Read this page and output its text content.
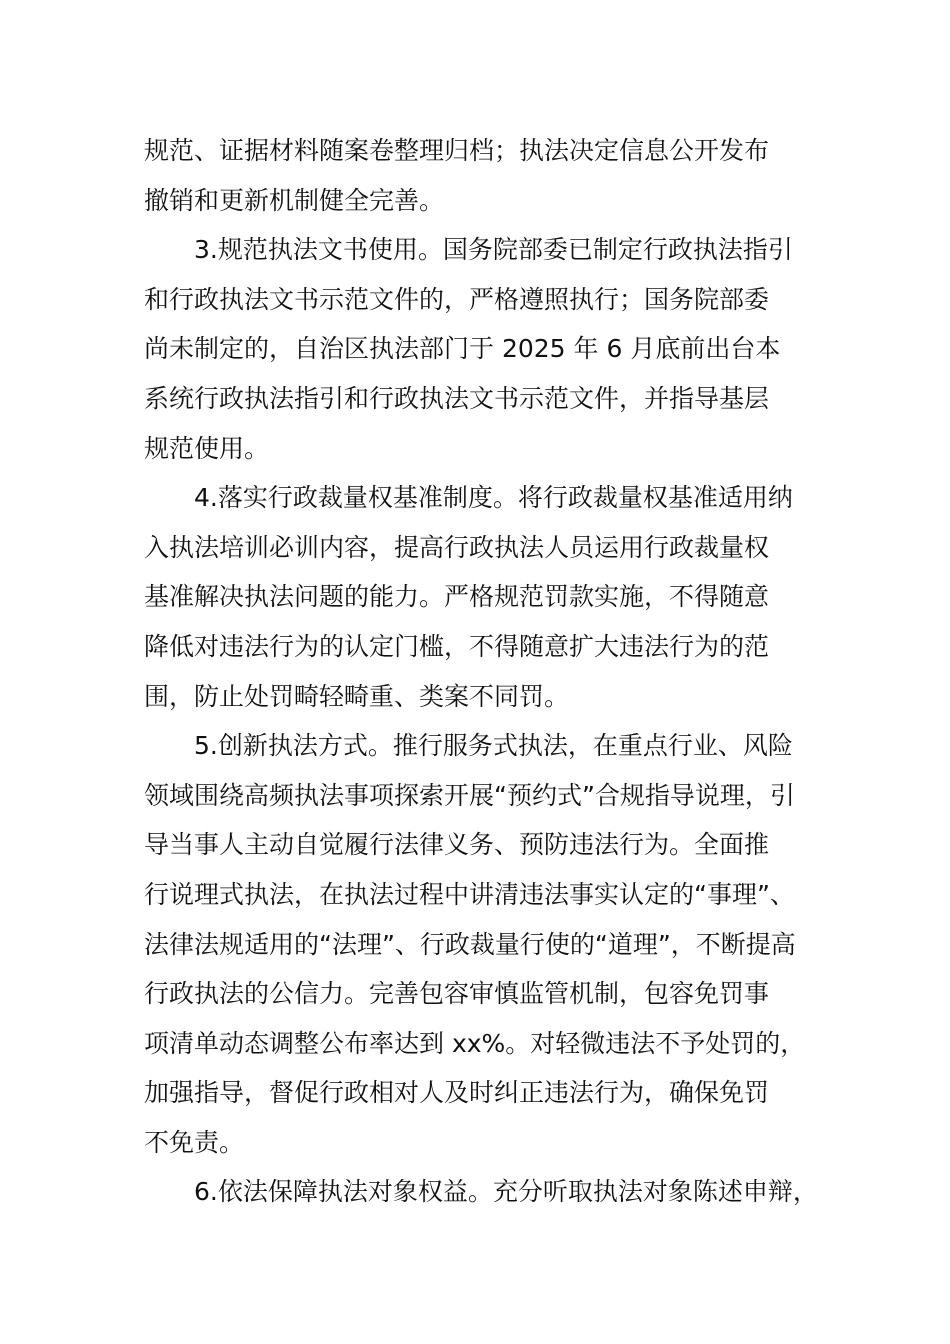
规范、证据材料随案卷整理归档；执法决定信息公开发布
撤销和更新机制健全完善。
3.规范执法文书使用。国务院部委已制定行政执法指引
和行政执法文书示范文件的，严格遵照执行；国务院部委
尚未制定的，自治区执法部门于 2025 年 6 月底前出台本
系统行政执法指引和行政执法文书示范文件，并指导基层
规范使用。
4.落实行政裁量权基准制度。将行政裁量权基准适用纳
入执法培训必训内容，提高行政执法人员运用行政裁量权
基准解决执法问题的能力。严格规范罚款实施，不得随意
降低对违法行为的认定门槛，不得随意扩大违法行为的范
围，防止处罚畸轻畸重、类案不同罚。
5.创新执法方式。推行服务式执法，在重点行业、风险
领域围绕高频执法事项探索开展“预约式”合规指导说理，引
导当事人主动自觉履行法律义务、预防违法行为。全面推
行说理式执法，在执法过程中讲清违法事实认定的“事理”、
法律法规适用的“法理”、行政裁量行使的“道理”，不断提高
行政执法的公信力。完善包容审慎监管机制，包容免罚事
项清单动态调整公布率达到 xx%。对轻微违法不予处罚的，
加强指导，督促行政相对人及时纠正违法行为，确保免罚
不免责。
6.依法保障执法对象权益。充分听取执法对象陈述申辩，
